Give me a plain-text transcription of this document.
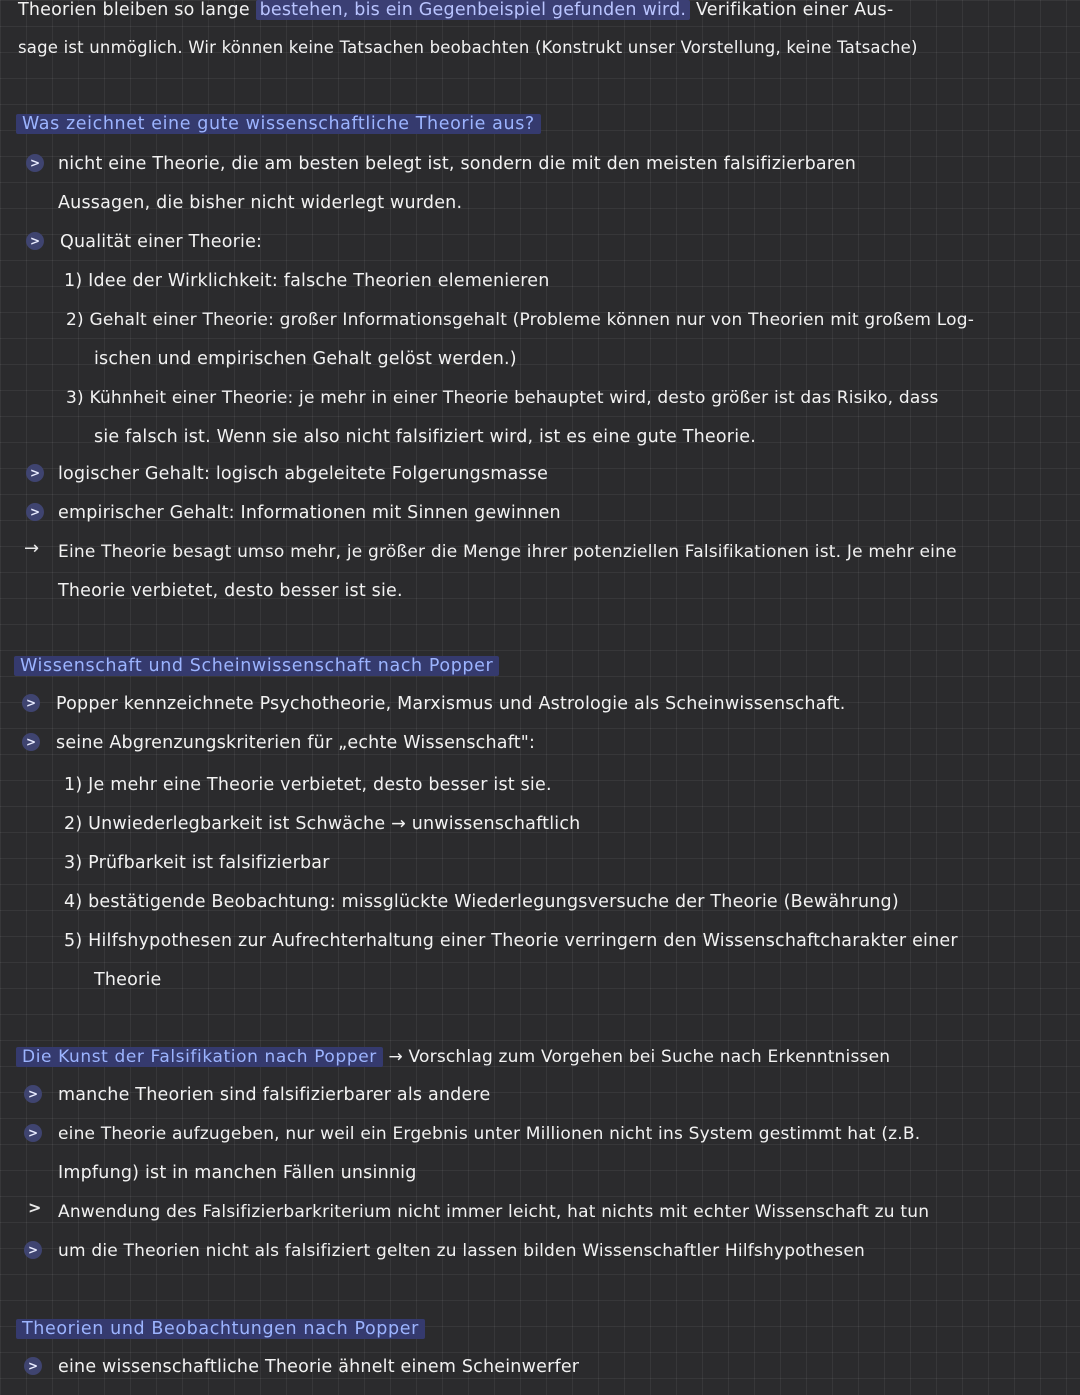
Theorien bleiben so lange bestehen, bis ein Gegenbeispiel gefunden wird. Verifikation einer Aus-
sage ist unmöglich. Wir können keine Tatsachen beobachten (Konstrukt unser Vorstellung, keine Tatsache)
Was zeichnet eine gute wissenschaftliche Theorie aus?
> nicht eine Theorie, die am besten belegt ist, sondern die mit den meisten falsifizierbaren
Aussagen, die bisher nicht widerlegt wurden.
> Qualität einer Theorie:
1) Idee der Wirklichkeit: falsche Theorien elemenieren
2) Gehalt einer Theorie: großer Informationsgehalt (Probleme können nur von Theorien mit großem Log-
ischen und empirischen Gehalt gelöst werden.)
3) Kühnheit einer Theorie: je mehr in einer Theorie behauptet wird, desto größer ist das Risiko, dass
sie falsch ist. Wenn sie also nicht falsifiziert wird, ist es eine gute Theorie.
> logischer Gehalt: logisch abgeleitete Folgerungsmasse
> empirischer Gehalt: Informationen mit Sinnen gewinnen
→ Eine Theorie besagt umso mehr, je größer die Menge ihrer potenziellen Falsifikationen ist. Je mehr eine
Theorie verbietet, desto besser ist sie.
Wissenschaft und Scheinwissenschaft nach Popper
> Popper kennzeichnete Psychotheorie, Marxismus und Astrologie als Scheinwissenschaft.
> seine Abgrenzungskriterien für „echte Wissenschaft":
1) Je mehr eine Theorie verbietet, desto besser ist sie.
2) Unwiederlegbarkeit ist Schwäche → unwissenschaftlich
3) Prüfbarkeit ist falsifizierbar
4) bestätigende Beobachtung: missglückte Wiederlegungsversuche der Theorie (Bewährung)
5) Hilfshypothesen zur Aufrechterhaltung einer Theorie verringern den Wissenschaftcharakter einer
Theorie
Die Kunst der Falsifikation nach Popper → Vorschlag zum Vorgehen bei Suche nach Erkenntnissen
> manche Theorien sind falsifizierbarer als andere
> eine Theorie aufzugeben, nur weil ein Ergebnis unter Millionen nicht ins System gestimmt hat (z.B.
Impfung) ist in manchen Fällen unsinnig
> Anwendung des Falsifizierbarkriterium nicht immer leicht, hat nichts mit echter Wissenschaft zu tun
> um die Theorien nicht als falsifiziert gelten zu lassen bilden Wissenschaftler Hilfshypothesen
Theorien und Beobachtungen nach Popper
> eine wissenschaftliche Theorie ähnelt einem Scheinwerfer
